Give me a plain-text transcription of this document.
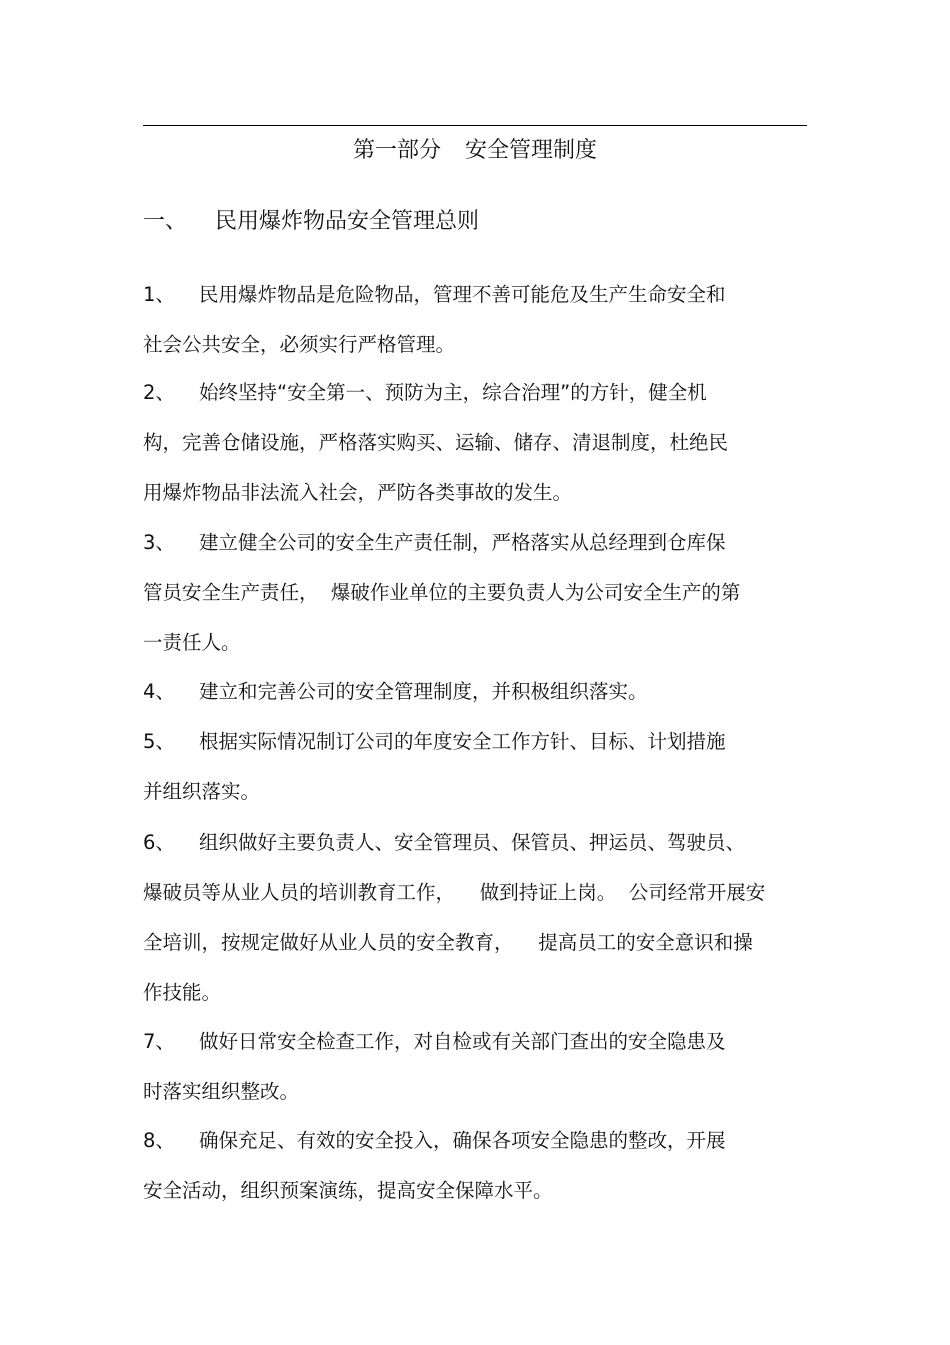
第一部分 安全管理制度
一、 民用爆炸物品安全管理总则
1、 民用爆炸物品是危险物品，管理不善可能危及生产生命安全和
社会公共安全，必须实行严格管理。
2、 始终坚持“安全第一、预防为主，综合治理”的方针，健全机
构，完善仓储设施，严格落实购买、运输、储存、清退制度，杜绝民
用爆炸物品非法流入社会，严防各类事故的发生。
3、 建立健全公司的安全生产责任制，严格落实从总经理到仓库保
管员安全生产责任，  爆破作业单位的主要负责人为公司安全生产的第
一责任人。
4、 建立和完善公司的安全管理制度，并积极组织落实。
5、 根据实际情况制订公司的年度安全工作方针、目标、计划措施
并组织落实。
6、 组织做好主要负责人、安全管理员、保管员、押运员、驾驶员、
爆破员等从业人员的培训教育工作，    做到持证上岗。  公司经常开展安
全培训，按规定做好从业人员的安全教育，    提高员工的安全意识和操
作技能。
7、 做好日常安全检查工作，对自检或有关部门查出的安全隐患及
时落实组织整改。
8、 确保充足、有效的安全投入，确保各项安全隐患的整改，开展
安全活动，组织预案演练，提高安全保障水平。
